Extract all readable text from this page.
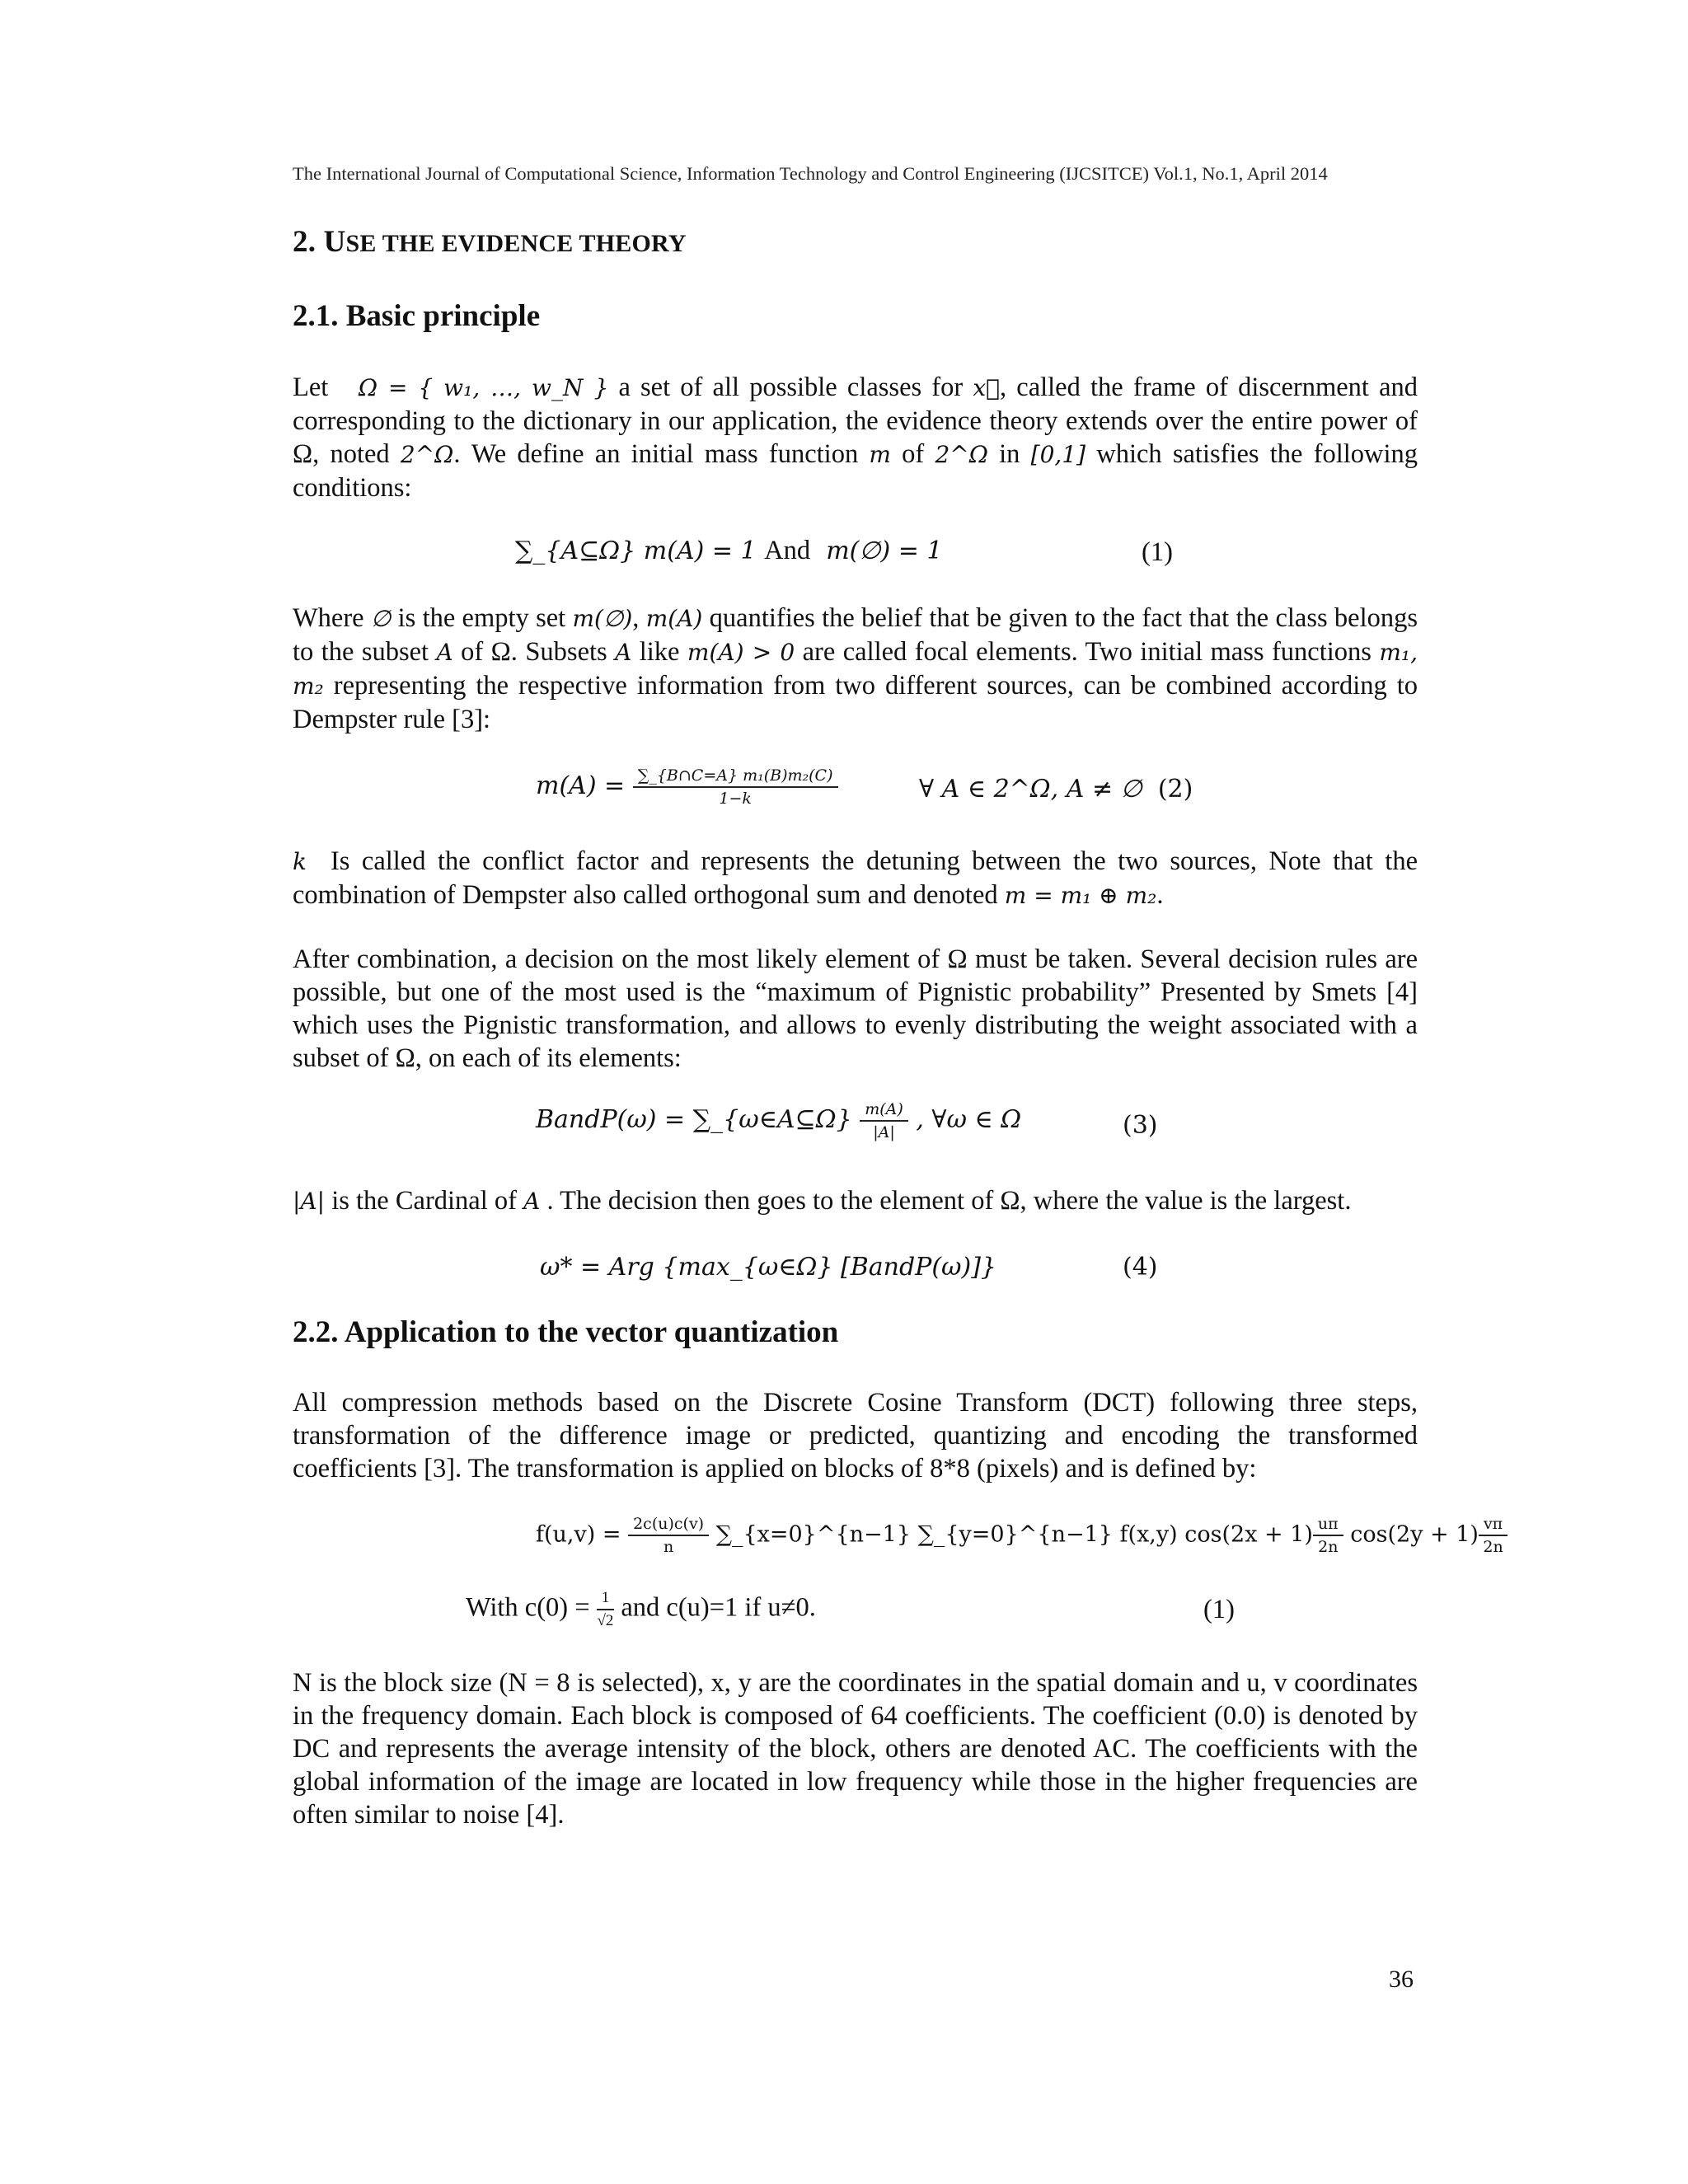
The International Journal of Computational Science, Information Technology and Control Engineering (IJCSITCE) Vol.1, No.1, April 2014
2. USE THE EVIDENCE THEORY
2.1. Basic principle
Let Ω = { w₁, …, w_N } a set of all possible classes for x⃗, called the frame of discernment and corresponding to the dictionary in our application, the evidence theory extends over the entire power of Ω, noted 2^Ω. We define an initial mass function m of 2^Ω in [0,1] which satisfies the following conditions:
∑_{A⊆Ω} m(A) = 1 And m(∅) = 1	(1)
Where ∅ is the empty set m(∅), m(A) quantifies the belief that be given to the fact that the class belongs to the subset A of Ω. Subsets A like m(A) > 0 are called focal elements. Two initial mass functions m₁, m₂ representing the respective information from two different sources, can be combined according to Dempster rule [3]:
$m(A) = \frac{\text{∑\_\{B∩C=A\} m₁(B)m₂(C)}}{1-k}$	∀ A ∈ 2^Ω, A ≠ ∅ (2)
k Is called the conflict factor and represents the detuning between the two sources, Note that the combination of Dempster also called orthogonal sum and denoted m = m₁ ⊕ m₂.
After combination, a decision on the most likely element of Ω must be taken. Several decision rules are possible, but one of the most used is the “maximum of Pignistic probability” Presented by Smets [4] which uses the Pignistic transformation, and allows to evenly distributing the weight associated with a subset of Ω, on each of its elements:
BandP(ω) = ∑_{ω∈A⊆Ω} $\frac{m(A)}{|A|}$ , ∀ω ∈ Ω	(3)
|A| is the Cardinal of A . The decision then goes to the element of Ω, where the value is the largest.
ω* = Arg {max_{ω∈Ω} [BandP(ω)]}	(4)
2.2. Application to the vector quantization
All compression methods based on the Discrete Cosine Transform (DCT) following three steps, transformation of the difference image or predicted, quantizing and encoding the transformed coefficients [3]. The transformation is applied on blocks of 8*8 (pixels) and is defined by:
$f(u,v) = \frac{2c(u)c(v)}{n}$ ∑_{x=0}^{n−1} ∑_{y=0}^{n−1} f(x,y) $\cos(2x + 1) \frac{u\pi}{2n} \cos(2y + 1) \frac{v\pi}{2n}$
With $c(0) = \frac{1}{√2}$ and c(u)=1 if u≠0.	(1)
N is the block size (N = 8 is selected), x, y are the coordinates in the spatial domain and u, v coordinates in the frequency domain. Each block is composed of 64 coefficients. The coefficient (0.0) is denoted by DC and represents the average intensity of the block, others are denoted AC. The coefficients with the global information of the image are located in low frequency while those in the higher frequencies are often similar to noise [4].
36
